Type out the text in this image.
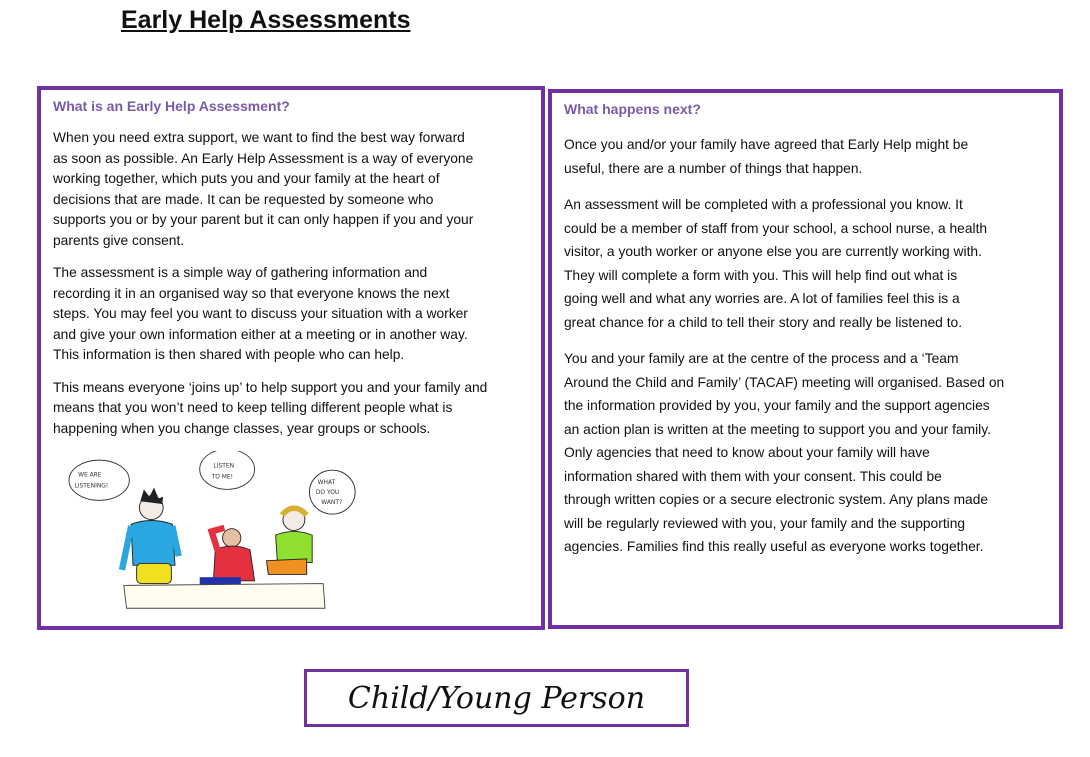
Early Help Assessments
What is an Early Help Assessment?

When you need extra support, we want to find the best way forward
as soon as possible. An Early Help Assessment is a way of everyone
working together, which puts you and your family at the heart of
decisions that are made. It can be requested by someone who
supports you or by your parent but it can only happen if you and your
parents give consent.

The assessment is a simple way of gathering information and
recording it in an organised way so that everyone knows the next
steps. You may feel you want to discuss your situation with a worker
and give your own information either at a meeting or in another way.
This information is then shared with people who can help.

This means everyone ‘joins up’ to help support you and your family and
means that you won’t need to keep telling different people what is
happening when you change classes, year groups or schools.

WE ARE
LISTENING!
LISTEN
TO ME!
WHAT
DO YOU
WANT?
What happens next?

Once you and/or your family have agreed that Early Help might be
useful, there are a number of things that happen.

An assessment will be completed with a professional you know. It
could be a member of staff from your school, a school nurse, a health
visitor, a youth worker or anyone else you are currently working with.
They will complete a form with you. This will help find out what is
going well and what any worries are. A lot of families feel this is a
great chance for a child to tell their story and really be listened to.

You and your family are at the centre of the process and a ‘Team
Around the Child and Family’ (TACAF) meeting will organised. Based on
the information provided by you, your family and the support agencies
an action plan is written at the meeting to support you and your family.
Only agencies that need to know about your family will have
information shared with them with your consent. This could be
through written copies or a secure electronic system. Any plans made
will be regularly reviewed with you, your family and the supporting
agencies. Families find this really useful as everyone works together.

Child/Young Person
